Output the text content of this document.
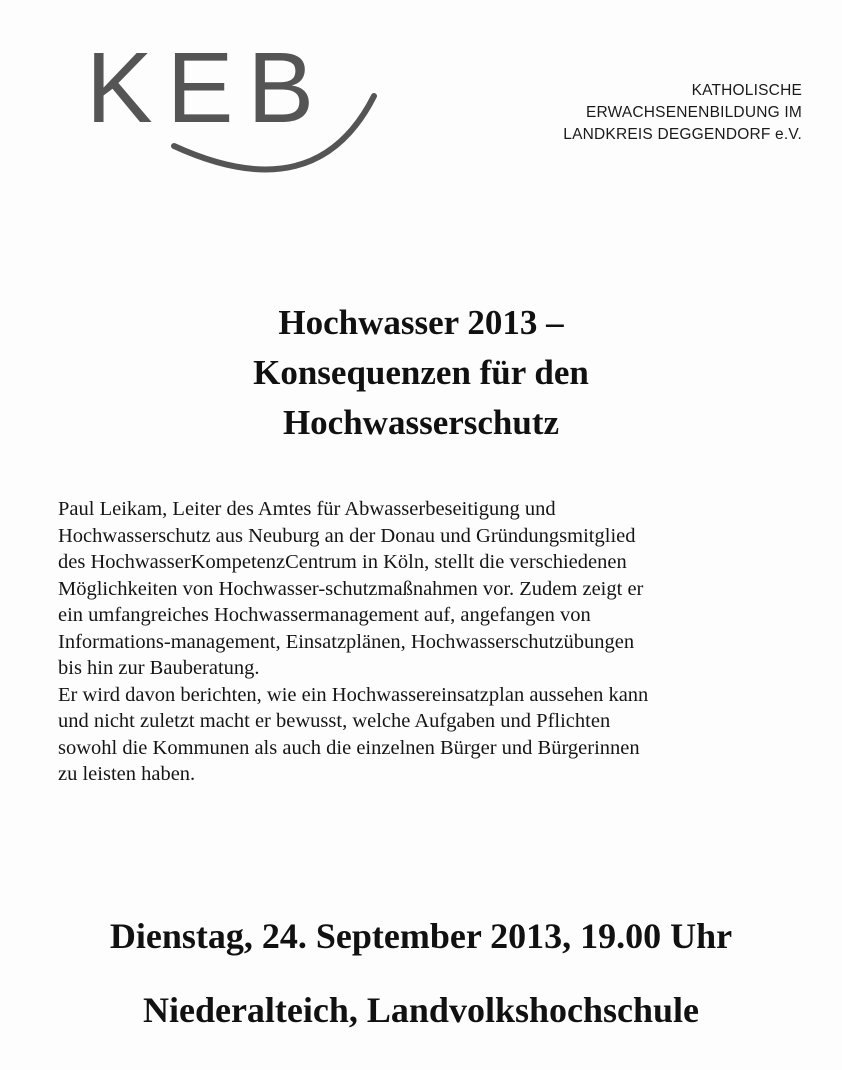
KEB	KATHOLISCHE
ERWACHSENENBILDUNG IM
LANDKREIS DEGGENDORF e.V.
Hochwasser 2013 –
Konsequenzen für den
Hochwasserschutz
Paul Leikam, Leiter des Amtes für Abwasserbeseitigung und
Hochwasserschutz aus Neuburg an der Donau und Gründungsmitglied
des HochwasserKompetenzCentrum in Köln, stellt die verschiedenen
Möglichkeiten von Hochwasser-schutzmaßnahmen vor. Zudem zeigt er
ein umfangreiches Hochwassermanagement auf, angefangen von
Informations-management, Einsatzplänen, Hochwasserschutzübungen
bis hin zur Bauberatung.
Er wird davon berichten, wie ein Hochwassereinsatzplan aussehen kann
und nicht zuletzt macht er bewusst, welche Aufgaben und Pflichten
sowohl die Kommunen als auch die einzelnen Bürger und Bürgerinnen
zu leisten haben.
Dienstag, 24. September 2013, 19.00 Uhr
Niederalteich, Landvolkshochschule
